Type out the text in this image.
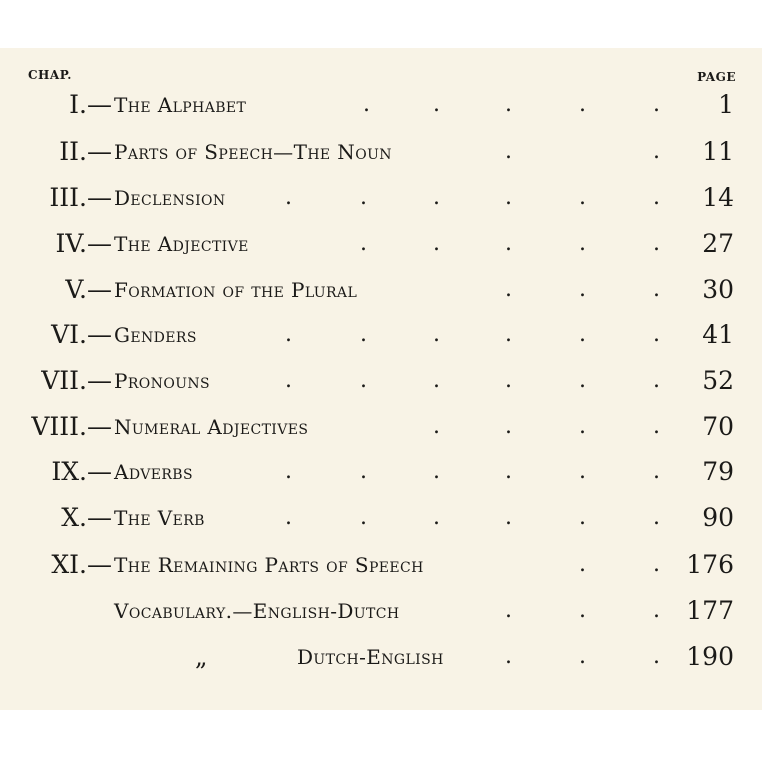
CHAP.	PAGE
I.— The Alphabet	.	.	.	.	. 1
II.— Parts of Speech—The Noun	.	. 11
III.— Declension	.	.	.	.	.	. 14
IV.— The Adjective	.	.	.	.	. 27
V.— Formation of the Plural	.	.	. 30
VI.— Genders	.	.	.	.	.	. 41
VII.— Pronouns	.	.	.	.	.	. 52
VIII.— Numeral Adjectives	.	.	.	. 70
IX.— Adverbs	.	.	.	.	.	. 79
X.— The Verb	.	.	.	.	.	. 90
XI.— The Remaining Parts of Speech	.	. 176
Vocabulary.—English-Dutch	.	.	. 177
„	Dutch-English	.	.	. 190
